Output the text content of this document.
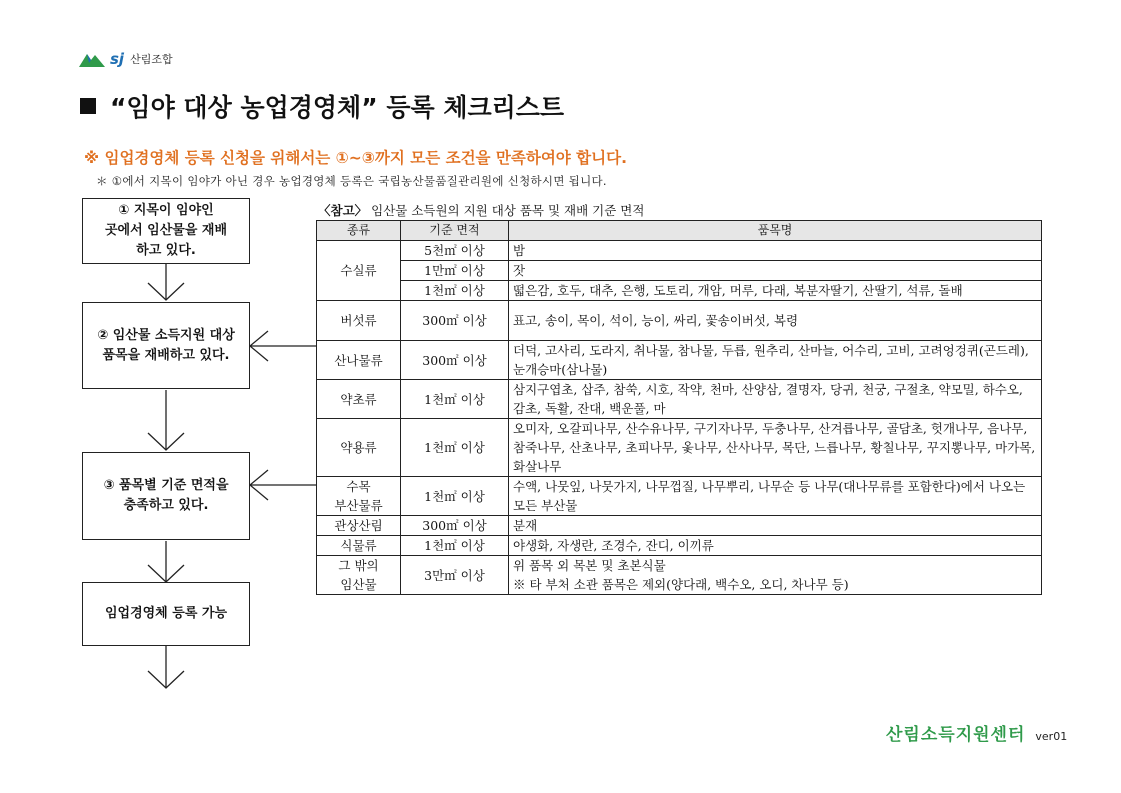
sj 산림조합
“임야 대상 농업경영체” 등록 체크리스트
※ 임업경영체 등록 신청을 위해서는 ①~③까지 모든 조건을 만족하여야 합니다.
＊ ①에서 지목이 임야가 아닌 경우 농업경영체 등록은 국립농산물품질관리원에 신청하시면 됩니다.
① 지목이 임야인
곳에서 임산물을 재배
하고 있다.
② 임산물 소득지원 대상
품목을 재배하고 있다.
③ 품목별 기준 면적을
충족하고 있다.
임업경영체 등록 가능
〈참고〉 임산물 소득원의 지원 대상 품목 및 재배 기준 면적
종류	기준 면적	품목명
수실류	5천㎡ 이상	밤
	1만㎡ 이상	잣
	1천㎡ 이상	떫은감, 호두, 대추, 은행, 도토리, 개암, 머루, 다래, 복분자딸기, 산딸기, 석류, 돌배
버섯류	300㎡ 이상	표고, 송이, 목이, 석이, 능이, 싸리, 꽃송이버섯, 복령
산나물류	300㎡ 이상	더덕, 고사리, 도라지, 취나물, 참나물, 두릅, 원추리, 산마늘, 어수리, 고비, 고려엉겅퀴(곤드레), 눈개승마(삼나물)
약초류	1천㎡ 이상	삼지구엽초, 삽주, 참쑥, 시호, 작약, 천마, 산양삼, 결명자, 당귀, 천궁, 구절초, 약모밀, 하수오, 감초, 독활, 잔대, 백운풀, 마
약용류	1천㎡ 이상	오미자, 오갈피나무, 산수유나무, 구기자나무, 두충나무, 산겨릅나무, 골담초, 헛개나무, 음나무, 참죽나무, 산초나무, 초피나무, 옻나무, 산사나무, 목단, 느릅나무, 황칠나무, 꾸지뽕나무, 마가목, 화살나무
수목
부산물류	1천㎡ 이상	수액, 나뭇잎, 나뭇가지, 나무껍질, 나무뿌리, 나무순 등 나무(대나무류를 포함한다)에서 나오는 모든 부산물
관상산림	300㎡ 이상	분재
식물류	1천㎡ 이상	야생화, 자생란, 조경수, 잔디, 이끼류
그 밖의
임산물	3만㎡ 이상	위 품목 외 목본 및 초본식물
※ 타 부처 소관 품목은 제외(양다래, 백수오, 오디, 차나무 등)
산림소득지원센터 ver01
